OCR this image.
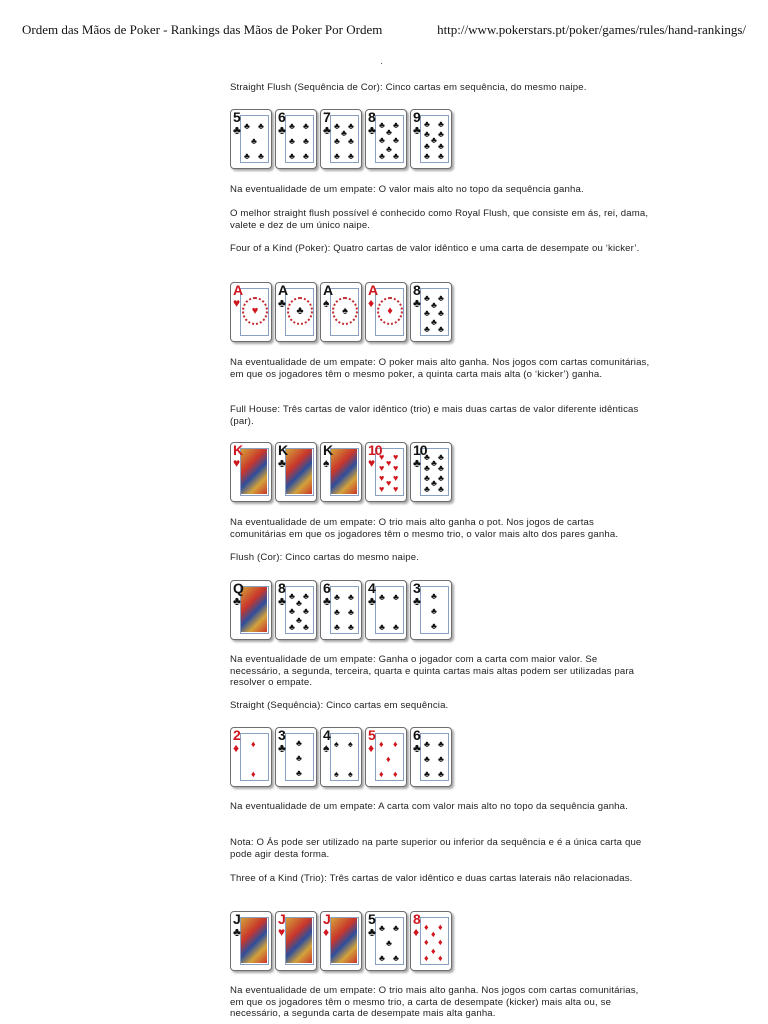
Ordem das Mãos de Poker - Rankings das Mãos de Poker Por Ordem	http://www.pokerstars.pt/poker/games/rules/hand-rankings/
·
Straight Flush (Sequência de Cor): Cinco cartas em sequência, do mesmo naipe.
♣ ♣
♣
♣ ♣
5
♣	♣ ♣
♣ ♣
♣ ♣
6
♣	♣ ♣
♣
♣ ♣
♣ ♣
7
♣	♣ ♣
♣
♣ ♣
♣
♣ ♣
8
♣	♣ ♣
♣ ♣
♣
♣ ♣
♣ ♣
9
♣
Na eventualidade de um empate: O valor mais alto no topo da sequência ganha.
O melhor straight flush possível é conhecido como Royal Flush, que consiste em ás, rei, dama, valete e dez de um único naipe.
Four of a Kind (Poker): Quatro cartas de valor idêntico e uma carta de desempate ou ‘kicker’.
♥
A
♥
♣
A
♣
♠
A
♠
♦
A
♦	♣ ♣
♣
♣ ♣
♣
♣ ♣
8
♣
Na eventualidade de um empate: O poker mais alto ganha. Nos jogos com cartas comunitárias, em que os jogadores têm o mesmo poker, a quinta carta mais alta (o ‘kicker’) ganha.
Full House: Três cartas de valor idêntico (trio) e mais duas cartas de valor diferente idênticas (par).
K
♥
K
♣
K
♠	♥ ♥
♥
♥ ♥
♥ ♥
♥
♥ ♥
10
♥	♣ ♣
♣
♣ ♣
♣ ♣
♣
♣ ♣
10
♣
Na eventualidade de um empate: O trio mais alto ganha o pot. Nos jogos de cartas comunitárias em que os jogadores têm o mesmo trio, o valor mais alto dos pares ganha.
Flush (Cor): Cinco cartas do mesmo naipe.
Q
♣	♣ ♣
♣
♣ ♣
♣
♣ ♣
8
♣	♣ ♣
♣ ♣
♣ ♣
6
♣	♣ ♣
♣ ♣
4
♣	♣
♣
♣
3
♣
Na eventualidade de um empate: Ganha o jogador com a carta com maior valor. Se necessário, a segunda, terceira, quarta e quinta cartas mais altas podem ser utilizadas para resolver o empate.
Straight (Sequência): Cinco cartas em sequência.
♦
♦
2
♦	♣
♣
♣
3
♣	♠ ♠
♠ ♠
4
♠	♦ ♦
♦
♦ ♦
5
♦	♣ ♣
♣ ♣
♣ ♣
6
♣
Na eventualidade de um empate: A carta com valor mais alto no topo da sequência ganha.
Nota: O Ás pode ser utilizado na parte superior ou inferior da sequência e é a única carta que pode agir desta forma.
Three of a Kind (Trio): Três cartas de valor idêntico e duas cartas laterais não relacionadas.
J
♣
J
♥
J
♦	♣ ♣
♣
♣ ♣
5
♣	♦ ♦
♦
♦ ♦
♦
♦ ♦
8
♦
Na eventualidade de um empate: O trio mais alto ganha. Nos jogos com cartas comunitárias, em que os jogadores têm o mesmo trio, a carta de desempate (kicker) mais alta ou, se necessário, a segunda carta de desempate mais alta ganha.
